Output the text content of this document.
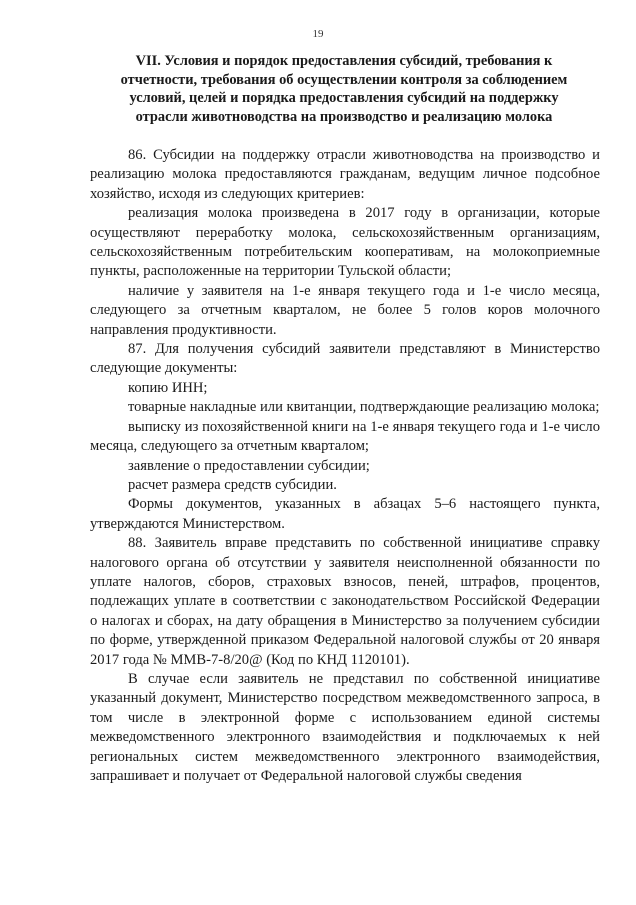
19
VII. Условия и порядок предоставления субсидий, требования к
отчетности, требования об осуществлении контроля за соблюдением
условий, целей и порядка предоставления субсидий на поддержку
отрасли животноводства на производство и реализацию молока

86. Субсидии на поддержку отрасли животноводства на производство и реализацию молока предоставляются гражданам, ведущим личное подсобное хозяйство, исходя из следующих критериев:

реализация молока произведена в 2017 году в организации, которые осуществляют переработку молока, сельскохозяйственным организациям, сельскохозяйственным потребительским кооперативам, на молокоприемные пункты, расположенные на территории Тульской области;

наличие у заявителя на 1-е января текущего года и 1-е число месяца, следующего за отчетным кварталом, не более 5 голов коров молочного направления продуктивности.

87. Для получения субсидий заявители представляют в Министерство следующие документы:

копию ИНН;

товарные накладные или квитанции, подтверждающие реализацию молока;

выписку из похозяйственной книги на 1-е января текущего года и 1-е число месяца, следующего за отчетным кварталом;

заявление о предоставлении субсидии;

расчет размера средств субсидии.

Формы документов, указанных в абзацах 5–6 настоящего пункта, утверждаются Министерством.

88. Заявитель вправе представить по собственной инициативе справку налогового органа об отсутствии у заявителя неисполненной обязанности по уплате налогов, сборов, страховых взносов, пеней, штрафов, процентов, подлежащих уплате в соответствии с законодательством Российской Федерации о налогах и сборах, на дату обращения в Министерство за получением субсидии по форме, утвержденной приказом Федеральной налоговой службы от 20 января 2017 года № ММВ-7-8/20@ (Код по КНД 1120101).

В случае если заявитель не представил по собственной инициативе указанный документ, Министерство посредством межведомственного запроса, в том числе в электронной форме с использованием единой системы межведомственного электронного взаимодействия и подключаемых к ней региональных систем межведомственного электронного взаимодействия, запрашивает и получает от Федеральной налоговой службы сведения
